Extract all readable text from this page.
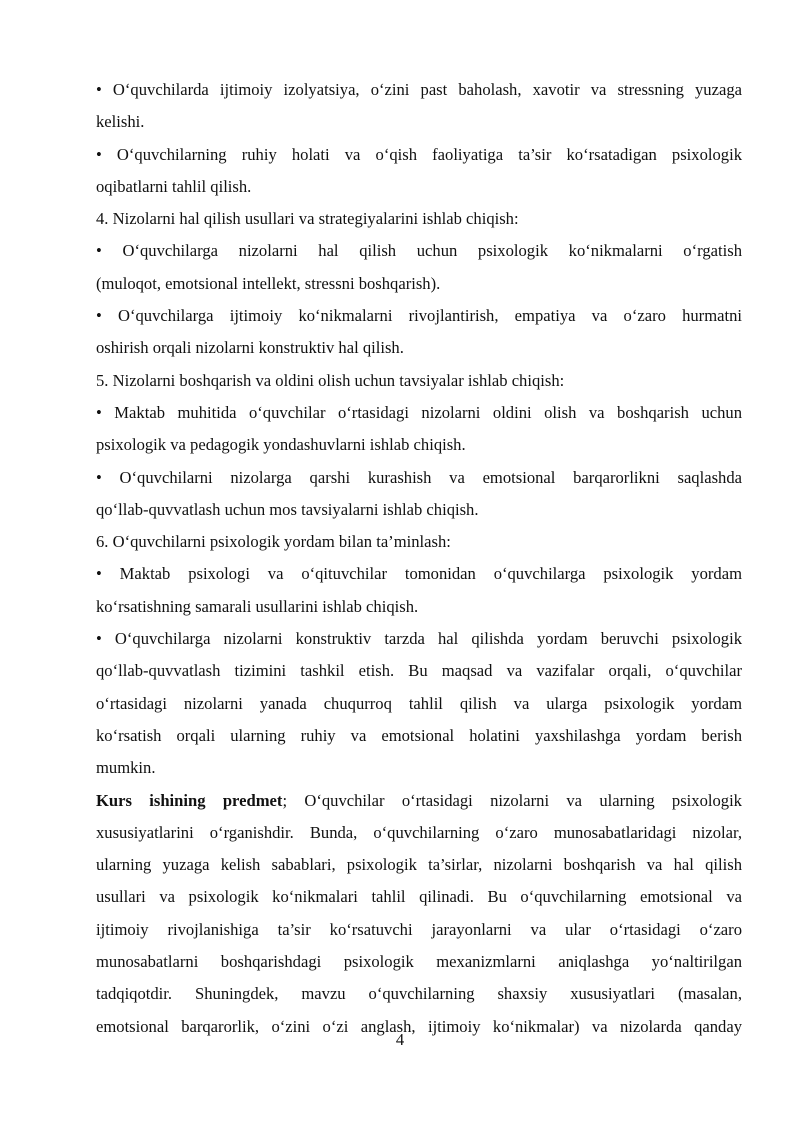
• O‘quvchilarda ijtimoiy izolyatsiya, o‘zini past baholash, xavotir va stressning yuzaga
kelishi.
• O‘quvchilarning ruhiy holati va o‘qish faoliyatiga ta’sir ko‘rsatadigan psixologik
oqibatlarni tahlil qilish.
4. Nizolarni hal qilish usullari va strategiyalarini ishlab chiqish:
• O‘quvchilarga nizolarni hal qilish uchun psixologik ko‘nikmalarni o‘rgatish
(muloqot, emotsional intellekt, stressni boshqarish).
• O‘quvchilarga ijtimoiy ko‘nikmalarni rivojlantirish, empatiya va o‘zaro hurmatni
oshirish orqali nizolarni konstruktiv hal qilish.
5. Nizolarni boshqarish va oldini olish uchun tavsiyalar ishlab chiqish:
• Maktab muhitida o‘quvchilar o‘rtasidagi nizolarni oldini olish va boshqarish uchun
psixologik va pedagogik yondashuvlarni ishlab chiqish.
• O‘quvchilarni nizolarga qarshi kurashish va emotsional barqarorlikni saqlashda
qo‘llab-quvvatlash uchun mos tavsiyalarni ishlab chiqish.
6. O‘quvchilarni psixologik yordam bilan ta’minlash:
• Maktab psixologi va o‘qituvchilar tomonidan o‘quvchilarga psixologik yordam
ko‘rsatishning samarali usullarini ishlab chiqish.
• O‘quvchilarga nizolarni konstruktiv tarzda hal qilishda yordam beruvchi psixologik
qo‘llab-quvvatlash tizimini tashkil etish. Bu maqsad va vazifalar orqali, o‘quvchilar
o‘rtasidagi nizolarni yanada chuqurroq tahlil qilish va ularga psixologik yordam
ko‘rsatish orqali ularning ruhiy va emotsional holatini yaxshilashga yordam berish
mumkin.
Kurs ishining predmet; O‘quvchilar o‘rtasidagi nizolarni va ularning psixologik
xususiyatlarini o‘rganishdir. Bunda, o‘quvchilarning o‘zaro munosabatlaridagi nizolar,
ularning yuzaga kelish sabablari, psixologik ta’sirlar, nizolarni boshqarish va hal qilish
usullari va psixologik ko‘nikmalari tahlil qilinadi. Bu o‘quvchilarning emotsional va
ijtimoiy rivojlanishiga ta’sir ko‘rsatuvchi jarayonlarni va ular o‘rtasidagi o‘zaro
munosabatlarni boshqarishdagi psixologik mexanizmlarni aniqlashga yo‘naltirilgan
tadqiqotdir. Shuningdek, mavzu o‘quvchilarning shaxsiy xususiyatlari (masalan,
emotsional barqarorlik, o‘zini o‘zi anglash, ijtimoiy ko‘nikmalar) va nizolarda qanday
4
